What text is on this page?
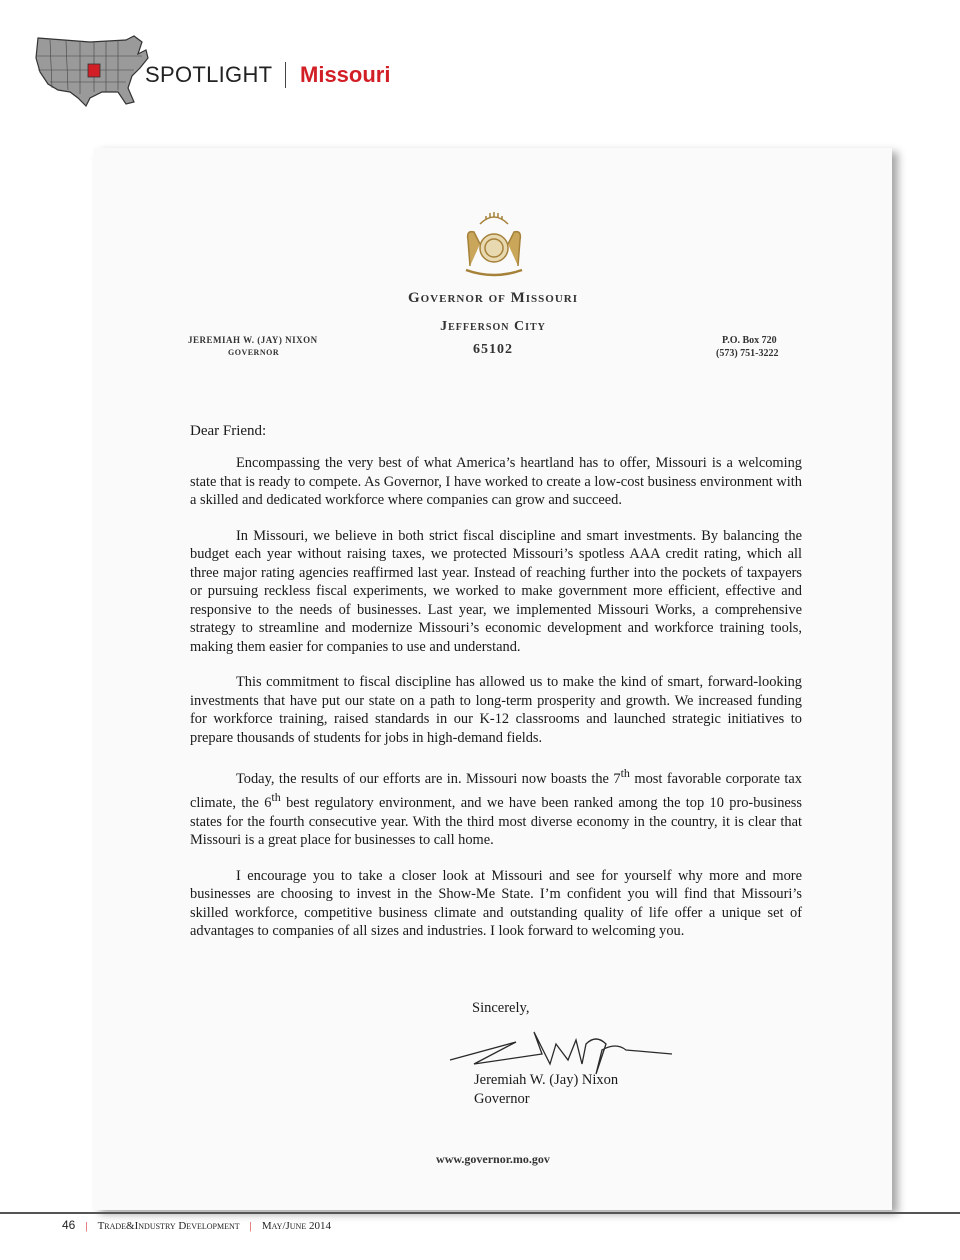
SPOTLIGHT Missouri
Governor of Missouri
Jefferson City
65102
JEREMIAH W. (JAY) NIXON
GOVERNOR
P.O. Box 720
(573) 751-3222
Dear Friend:

Encompassing the very best of what America’s heartland has to offer, Missouri is a welcoming state that is ready to compete. As Governor, I have worked to create a low-cost business environment with a skilled and dedicated workforce where companies can grow and succeed.

In Missouri, we believe in both strict fiscal discipline and smart investments. By balancing the budget each year without raising taxes, we protected Missouri’s spotless AAA credit rating, which all three major rating agencies reaffirmed last year. Instead of reaching further into the pockets of taxpayers or pursuing reckless fiscal experiments, we worked to make government more efficient, effective and responsive to the needs of businesses. Last year, we implemented Missouri Works, a comprehensive strategy to streamline and modernize Missouri’s economic development and workforce training tools, making them easier for companies to use and understand.

This commitment to fiscal discipline has allowed us to make the kind of smart, forward-looking investments that have put our state on a path to long-term prosperity and growth. We increased funding for workforce training, raised standards in our K-12 classrooms and launched strategic initiatives to prepare thousands of students for jobs in high-demand fields.

Today, the results of our efforts are in. Missouri now boasts the 7th most favorable corporate tax climate, the 6th best regulatory environment, and we have been ranked among the top 10 pro-business states for the fourth consecutive year. With the third most diverse economy in the country, it is clear that Missouri is a great place for businesses to call home.

I encourage you to take a closer look at Missouri and see for yourself why more and more businesses are choosing to invest in the Show-Me State. I’m confident you will find that Missouri’s skilled workforce, competitive business climate and outstanding quality of life offer a unique set of advantages to companies of all sizes and industries. I look forward to welcoming you.

Sincerely,
Jeremiah W. (Jay) Nixon
Governor
www.governor.mo.gov
46 | Trade&Industry Development | May/June 2014
